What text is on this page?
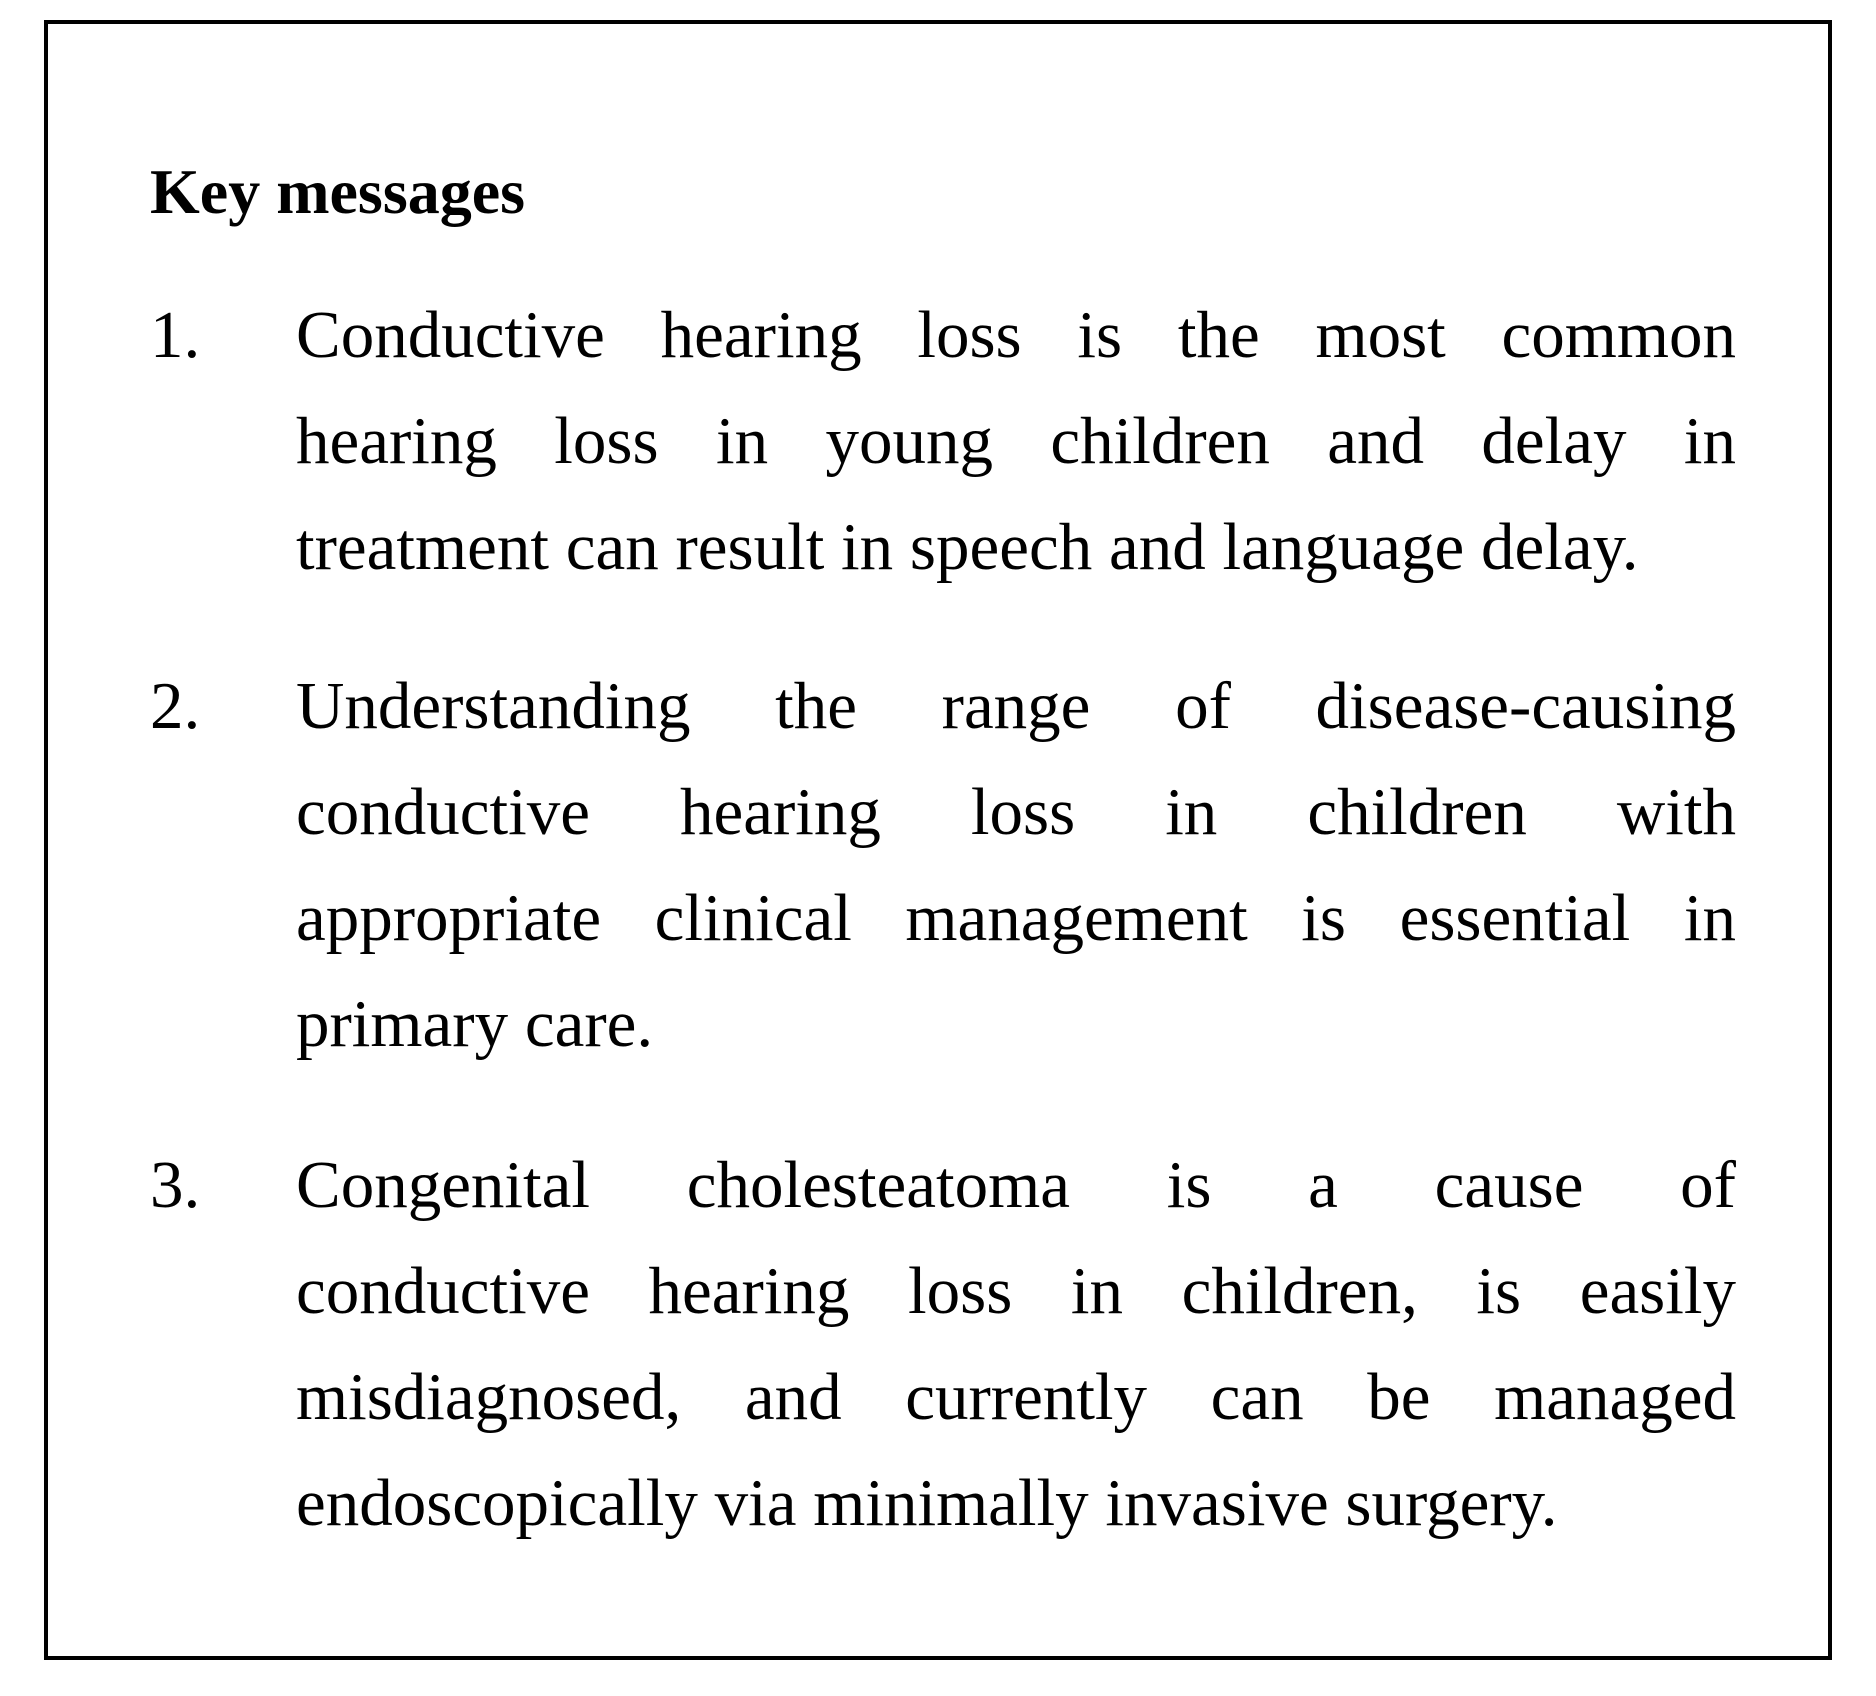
Key messages
1. Conductive hearing loss is the most common
hearing loss in young children and delay in
treatment can result in speech and language delay.
2. Understanding the range of disease-causing
conductive hearing loss in children with
appropriate clinical management is essential in
primary care.
3. Congenital cholesteatoma is a cause of
conductive hearing loss in children, is easily
misdiagnosed, and currently can be managed
endoscopically via minimally invasive surgery.
